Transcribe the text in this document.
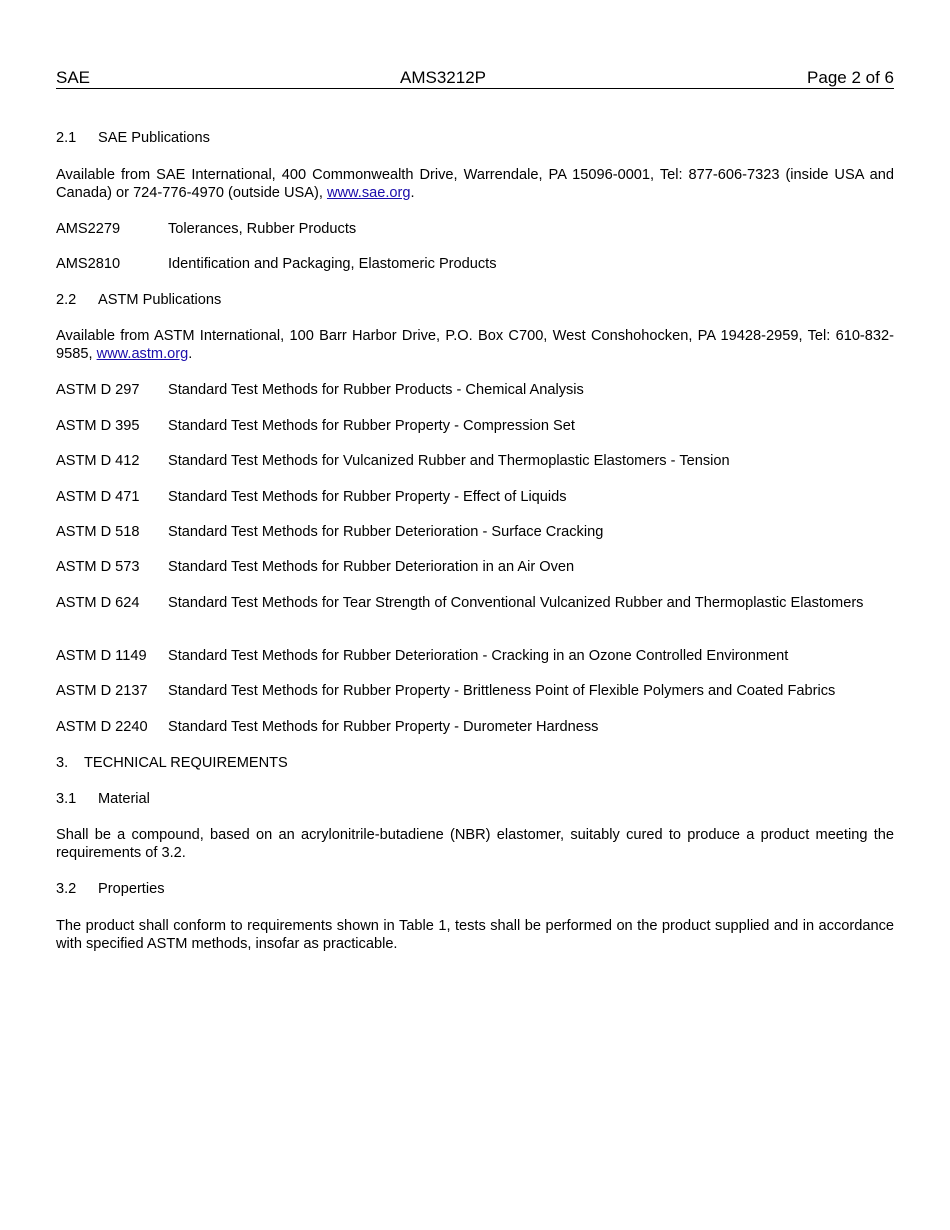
SAE	AMS3212P	Page 2 of 6
2.1 SAE Publications
Available from SAE International, 400 Commonwealth Drive, Warrendale, PA 15096-0001, Tel: 877-606-7323 (inside USA and Canada) or 724-776-4970 (outside USA), www.sae.org.
AMS2279	Tolerances, Rubber Products
AMS2810	Identification and Packaging, Elastomeric Products
2.2 ASTM Publications
Available from ASTM International, 100 Barr Harbor Drive, P.O. Box C700, West Conshohocken, PA 19428-2959, Tel: 610-832-9585, www.astm.org.
ASTM D 297 Standard Test Methods for Rubber Products - Chemical Analysis
ASTM D 395 Standard Test Methods for Rubber Property - Compression Set
ASTM D 412 Standard Test Methods for Vulcanized Rubber and Thermoplastic Elastomers - Tension
ASTM D 471 Standard Test Methods for Rubber Property - Effect of Liquids
ASTM D 518 Standard Test Methods for Rubber Deterioration - Surface Cracking
ASTM D 573 Standard Test Methods for Rubber Deterioration in an Air Oven
ASTM D 624 Standard Test Methods for Tear Strength of Conventional Vulcanized Rubber and Thermoplastic Elastomers
ASTM D 1149 Standard Test Methods for Rubber Deterioration - Cracking in an Ozone Controlled Environment
ASTM D 2137 Standard Test Methods for Rubber Property - Brittleness Point of Flexible Polymers and Coated Fabrics
ASTM D 2240 Standard Test Methods for Rubber Property - Durometer Hardness
3. TECHNICAL REQUIREMENTS
3.1 Material
Shall be a compound, based on an acrylonitrile-butadiene (NBR) elastomer, suitably cured to produce a product meeting the requirements of 3.2.
3.2 Properties
The product shall conform to requirements shown in Table 1, tests shall be performed on the product supplied and in accordance with specified ASTM methods, insofar as practicable.
